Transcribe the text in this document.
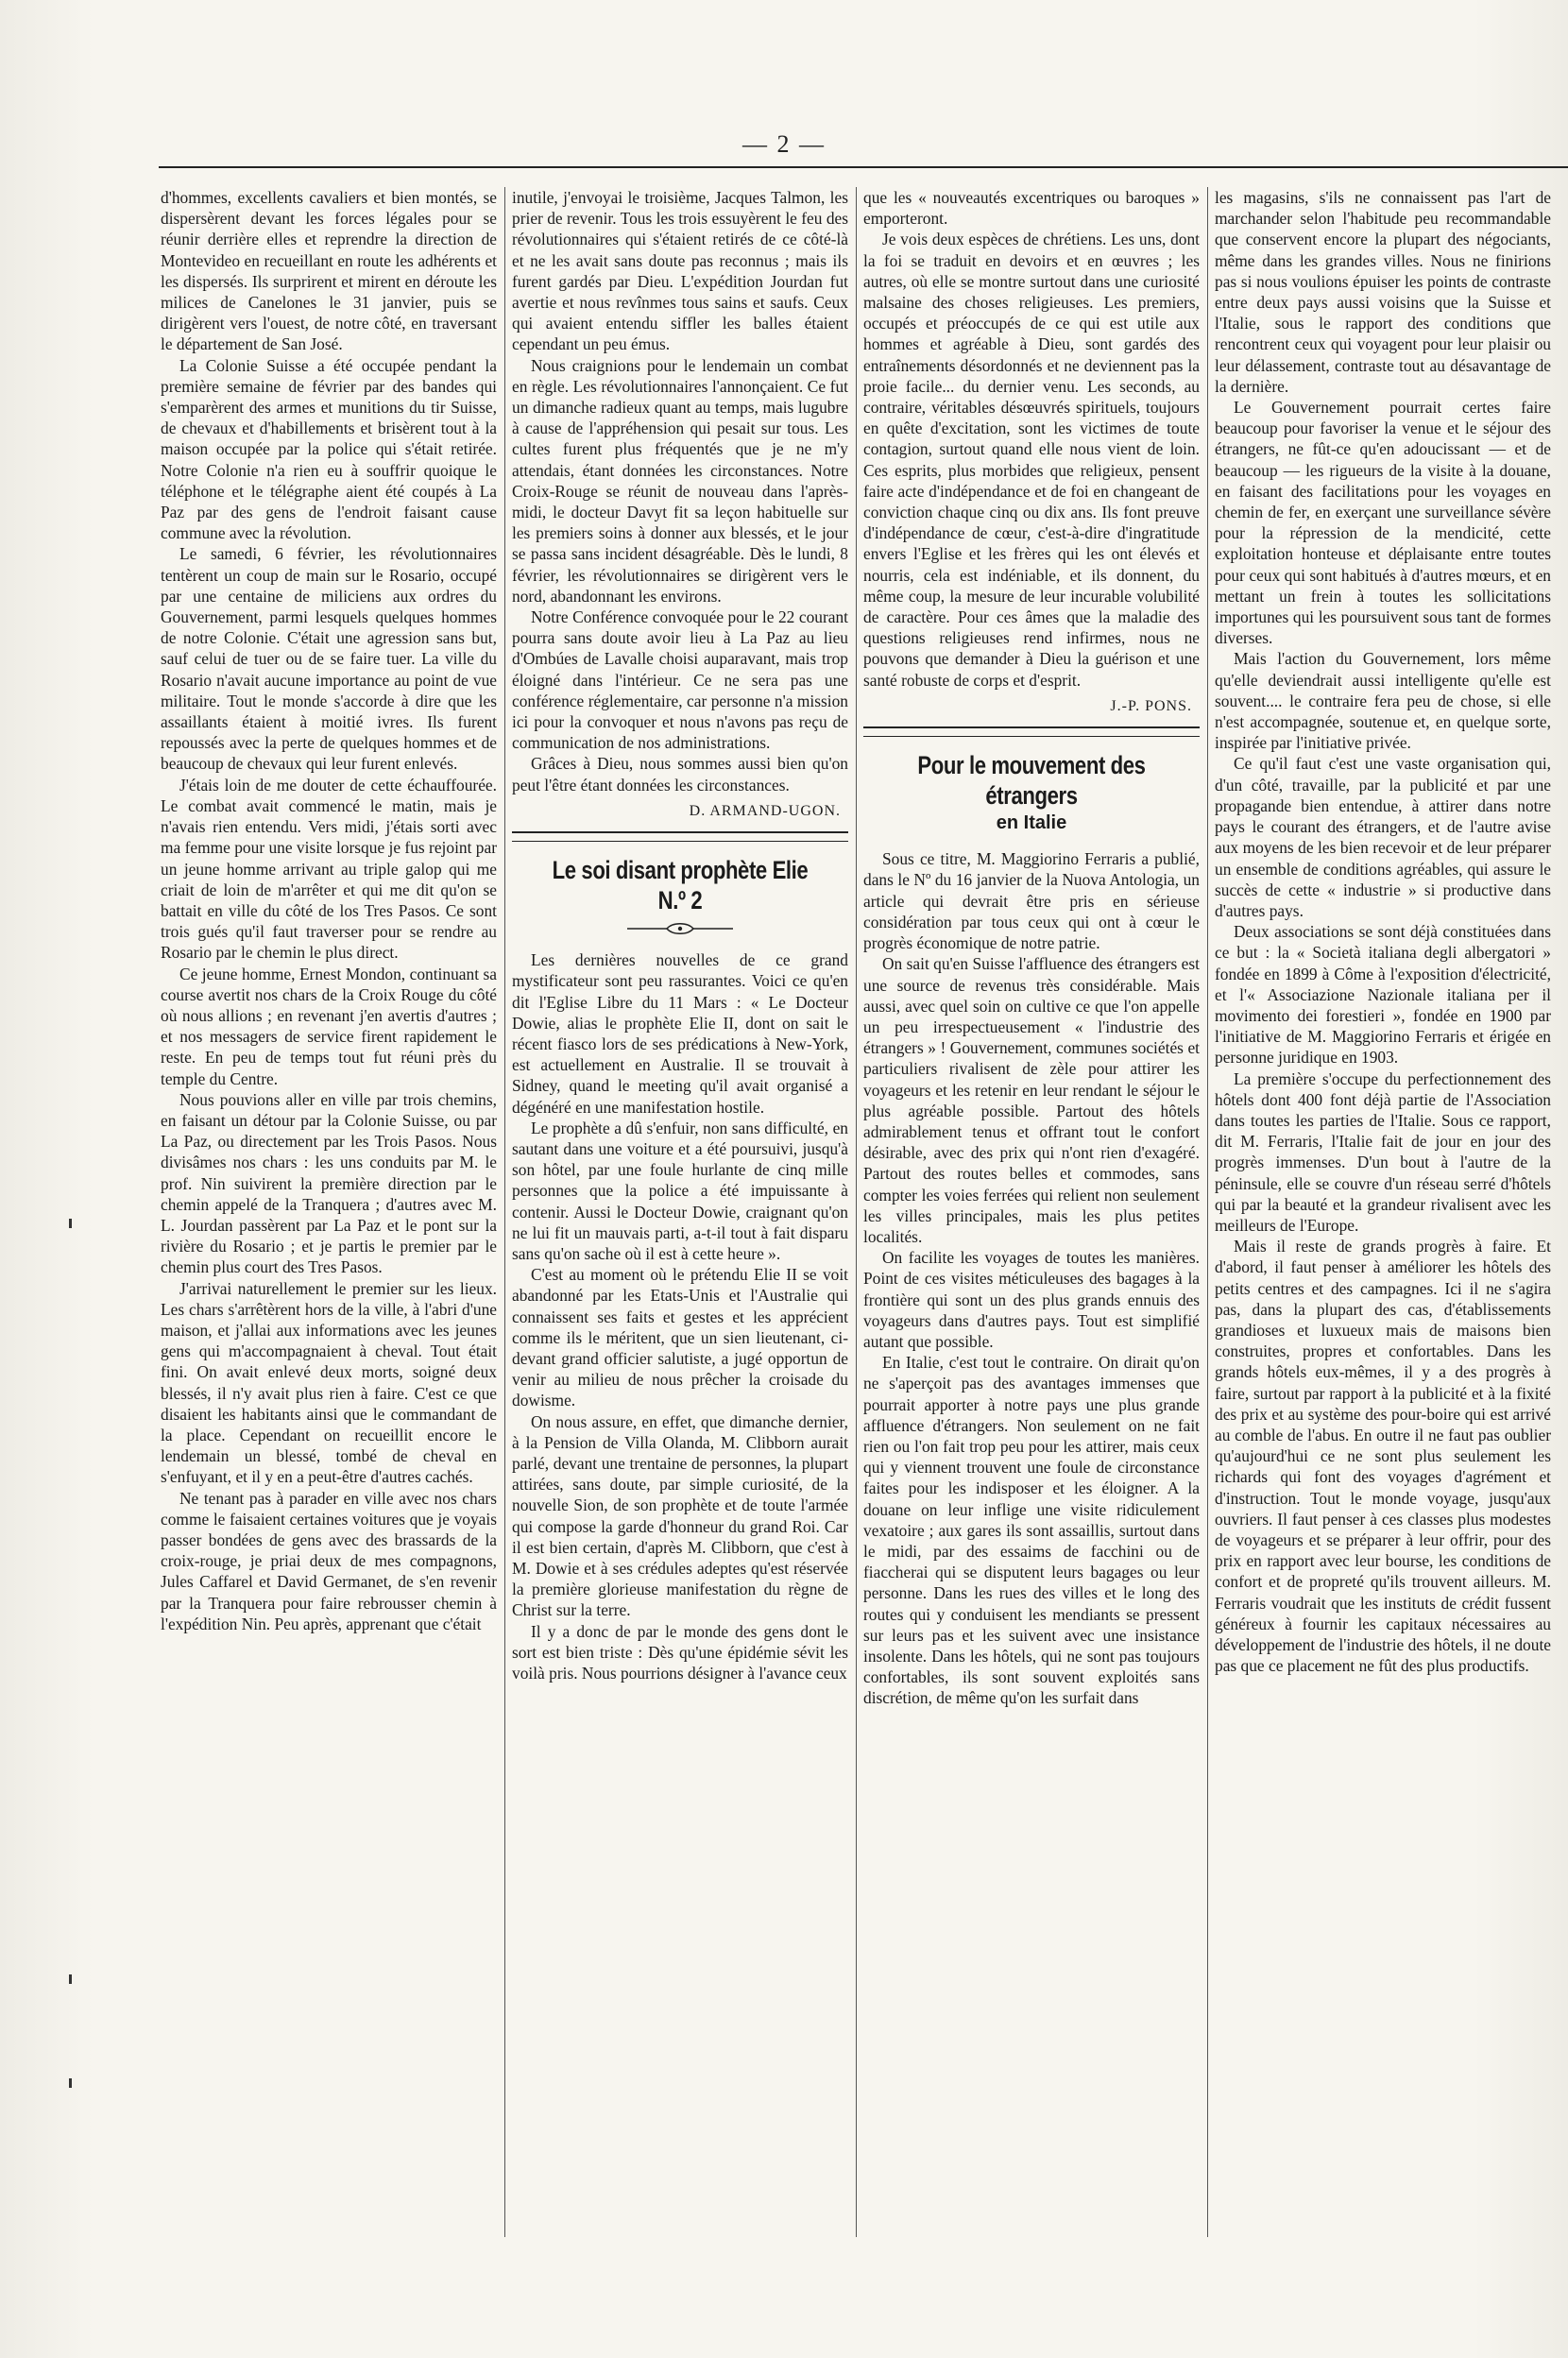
— 2 —

d'hommes, excellents cavaliers et bien montés, se dispersèrent devant les forces légales pour se réunir derrière elles et reprendre la direction de Montevideo en recueillant en route les adhérents et les dispersés. Ils surprirent et mirent en déroute les milices de Canelones le 31 janvier, puis se dirigèrent vers l'ouest, de notre côté, en traversant le département de San José.

La Colonie Suisse a été occupée pendant la première semaine de février par des bandes qui s'emparèrent des armes et munitions du tir Suisse, de chevaux et d'habillements et brisèrent tout à la maison occupée par la police qui s'était retirée. Notre Colonie n'a rien eu à souffrir quoique le téléphone et le télégraphe aient été coupés à La Paz par des gens de l'endroit faisant cause commune avec la révolution.

Le samedi, 6 février, les révolutionnaires tentèrent un coup de main sur le Rosario, occupé par une centaine de miliciens aux ordres du Gouvernement, parmi lesquels quelques hommes de notre Colonie. C'était une agression sans but, sauf celui de tuer ou de se faire tuer. La ville du Rosario n'avait aucune importance au point de vue militaire. Tout le monde s'accorde à dire que les assaillants étaient à moitié ivres. Ils furent repoussés avec la perte de quelques hommes et de beaucoup de chevaux qui leur furent enlevés.

J'étais loin de me douter de cette échauffourée. Le combat avait commencé le matin, mais je n'avais rien entendu. Vers midi, j'étais sorti avec ma femme pour une visite lorsque je fus rejoint par un jeune homme arrivant au triple galop qui me criait de loin de m'arrêter et qui me dit qu'on se battait en ville du côté de los Tres Pasos. Ce sont trois gués qu'il faut traverser pour se rendre au Rosario par le chemin le plus direct.

Ce jeune homme, Ernest Mondon, continuant sa course avertit nos chars de la Croix Rouge du côté où nous allions ; en revenant j'en avertis d'autres ; et nos messagers de service firent rapidement le reste. En peu de temps tout fut réuni près du temple du Centre.

Nous pouvions aller en ville par trois chemins, en faisant un détour par la Colonie Suisse, ou par La Paz, ou directement par les Trois Pasos. Nous divisâmes nos chars : les uns conduits par M. le prof. Nin suivirent la première direction par le chemin appelé de la Tranquera ; d'autres avec M. L. Jourdan passèrent par La Paz et le pont sur la rivière du Rosario ; et je partis le premier par le chemin plus court des Tres Pasos.

J'arrivai naturellement le premier sur les lieux. Les chars s'arrêtèrent hors de la ville, à l'abri d'une maison, et j'allai aux informations avec les jeunes gens qui m'accompagnaient à cheval. Tout était fini. On avait enlevé deux morts, soigné deux blessés, il n'y avait plus rien à faire. C'est ce que disaient les habitants ainsi que le commandant de la place. Cependant on recueillit encore le lendemain un blessé, tombé de cheval en s'enfuyant, et il y en a peut-être d'autres cachés.

Ne tenant pas à parader en ville avec nos chars comme le faisaient certaines voitures que je voyais passer bondées de gens avec des brassards de la croix-rouge, je priai deux de mes compagnons, Jules Caffarel et David Germanet, de s'en revenir par la Tranquera pour faire rebrousser chemin à l'expédition Nin. Peu après, apprenant que c'était

inutile, j'envoyai le troisième, Jacques Talmon, les prier de revenir. Tous les trois essuyèrent le feu des révolutionnaires qui s'étaient retirés de ce côté-là et ne les avait sans doute pas reconnus ; mais ils furent gardés par Dieu. L'expédition Jourdan fut avertie et nous revînmes tous sains et saufs. Ceux qui avaient entendu siffler les balles étaient cependant un peu émus.

Nous craignions pour le lendemain un combat en règle. Les révolutionnaires l'annonçaient. Ce fut un dimanche radieux quant au temps, mais lugubre à cause de l'appréhension qui pesait sur tous. Les cultes furent plus fréquentés que je ne m'y attendais, étant données les circonstances. Notre Croix-Rouge se réunit de nouveau dans l'après-midi, le docteur Davyt fit sa leçon habituelle sur les premiers soins à donner aux blessés, et le jour se passa sans incident désagréable. Dès le lundi, 8 février, les révolutionnaires se dirigèrent vers le nord, abandonnant les environs.

Notre Conférence convoquée pour le 22 courant pourra sans doute avoir lieu à La Paz au lieu d'Ombúes de Lavalle choisi auparavant, mais trop éloigné dans l'intérieur. Ce ne sera pas une conférence réglementaire, car personne n'a mission ici pour la convoquer et nous n'avons pas reçu de communication de nos administrations.

Grâces à Dieu, nous sommes aussi bien qu'on peut l'être étant données les circonstances.

D. ARMAND-UGON.
Le soi disant prophète Elie N.º 2

Les dernières nouvelles de ce grand mystificateur sont peu rassurantes. Voici ce qu'en dit l'Eglise Libre du 11 Mars : « Le Docteur Dowie, alias le prophète Elie II, dont on sait le récent fiasco lors de ses prédications à New-York, est actuellement en Australie. Il se trouvait à Sidney, quand le meeting qu'il avait organisé a dégénéré en une manifestation hostile.

Le prophète a dû s'enfuir, non sans difficulté, en sautant dans une voiture et a été poursuivi, jusqu'à son hôtel, par une foule hurlante de cinq mille personnes que la police a été impuissante à contenir. Aussi le Docteur Dowie, craignant qu'on ne lui fit un mauvais parti, a-t-il tout à fait disparu sans qu'on sache où il est à cette heure ».

C'est au moment où le prétendu Elie II se voit abandonné par les Etats-Unis et l'Australie qui connaissent ses faits et gestes et les apprécient comme ils le méritent, que un sien lieutenant, ci-devant grand officier salutiste, a jugé opportun de venir au milieu de nous prêcher la croisade du dowisme.

On nous assure, en effet, que dimanche dernier, à la Pension de Villa Olanda, M. Clibborn aurait parlé, devant une trentaine de personnes, la plupart attirées, sans doute, par simple curiosité, de la nouvelle Sion, de son prophète et de toute l'armée qui compose la garde d'honneur du grand Roi. Car il est bien certain, d'après M. Clibborn, que c'est à M. Dowie et à ses crédules adeptes qu'est réservée la première glorieuse manifestation du règne de Christ sur la terre.

Il y a donc de par le monde des gens dont le sort est bien triste : Dès qu'une épidémie sévit les voilà pris. Nous pourrions désigner à l'avance ceux

que les « nouveautés excentriques ou baroques » emporteront.

Je vois deux espèces de chrétiens. Les uns, dont la foi se traduit en devoirs et en œuvres ; les autres, où elle se montre surtout dans une curiosité malsaine des choses religieuses. Les premiers, occupés et préoccupés de ce qui est utile aux hommes et agréable à Dieu, sont gardés des entraînements désordonnés et ne deviennent pas la proie facile... du dernier venu. Les seconds, au contraire, véritables désœuvrés spirituels, toujours en quête d'excitation, sont les victimes de toute contagion, surtout quand elle nous vient de loin. Ces esprits, plus morbides que religieux, pensent faire acte d'indépendance et de foi en changeant de conviction chaque cinq ou dix ans. Ils font preuve d'indépendance de cœur, c'est-à-dire d'ingratitude envers l'Eglise et les frères qui les ont élevés et nourris, cela est indéniable, et ils donnent, du même coup, la mesure de leur incurable volubilité de caractère. Pour ces âmes que la maladie des questions religieuses rend infirmes, nous ne pouvons que demander à Dieu la guérison et une santé robuste de corps et d'esprit.

J.-P. PONS.
Pour le mouvement des étrangers
en Italie

Sous ce titre, M. Maggiorino Ferraris a publié, dans le Nº du 16 janvier de la Nuova Antologia, un article qui devrait être pris en sérieuse considération par tous ceux qui ont à cœur le progrès économique de notre patrie.

On sait qu'en Suisse l'affluence des étrangers est une source de revenus très considérable. Mais aussi, avec quel soin on cultive ce que l'on appelle un peu irrespectueusement « l'industrie des étrangers » ! Gouvernement, communes sociétés et particuliers rivalisent de zèle pour attirer les voyageurs et les retenir en leur rendant le séjour le plus agréable possible. Partout des hôtels admirablement tenus et offrant tout le confort désirable, avec des prix qui n'ont rien d'exagéré. Partout des routes belles et commodes, sans compter les voies ferrées qui relient non seulement les villes principales, mais les plus petites localités.

On facilite les voyages de toutes les manières. Point de ces visites méticuleuses des bagages à la frontière qui sont un des plus grands ennuis des voyageurs dans d'autres pays. Tout est simplifié autant que possible.

En Italie, c'est tout le contraire. On dirait qu'on ne s'aperçoit pas des avantages immenses que pourrait apporter à notre pays une plus grande affluence d'étrangers. Non seulement on ne fait rien ou l'on fait trop peu pour les attirer, mais ceux qui y viennent trouvent une foule de circonstance faites pour les indisposer et les éloigner. A la douane on leur inflige une visite ridiculement vexatoire ; aux gares ils sont assaillis, surtout dans le midi, par des essaims de facchini ou de fiaccherai qui se disputent leurs bagages ou leur personne. Dans les rues des villes et le long des routes qui y conduisent les mendiants se pressent sur leurs pas et les suivent avec une insistance insolente. Dans les hôtels, qui ne sont pas toujours confortables, ils sont souvent exploités sans discrétion, de même qu'on les surfait dans

les magasins, s'ils ne connaissent pas l'art de marchander selon l'habitude peu recommandable que conservent encore la plupart des négociants, même dans les grandes villes. Nous ne finirions pas si nous voulions épuiser les points de contraste entre deux pays aussi voisins que la Suisse et l'Italie, sous le rapport des conditions que rencontrent ceux qui voyagent pour leur plaisir ou leur délassement, contraste tout au désavantage de la dernière.

Le Gouvernement pourrait certes faire beaucoup pour favoriser la venue et le séjour des étrangers, ne fût-ce qu'en adoucissant — et de beaucoup — les rigueurs de la visite à la douane, en faisant des facilitations pour les voyages en chemin de fer, en exerçant une surveillance sévère pour la répression de la mendicité, cette exploitation honteuse et déplaisante entre toutes pour ceux qui sont habitués à d'autres mœurs, et en mettant un frein à toutes les sollicitations importunes qui les poursuivent sous tant de formes diverses.

Mais l'action du Gouvernement, lors même qu'elle deviendrait aussi intelligente qu'elle est souvent.... le contraire fera peu de chose, si elle n'est accompagnée, soutenue et, en quelque sorte, inspirée par l'initiative privée.

Ce qu'il faut c'est une vaste organisation qui, d'un côté, travaille, par la publicité et par une propagande bien entendue, à attirer dans notre pays le courant des étrangers, et de l'autre avise aux moyens de les bien recevoir et de leur préparer un ensemble de conditions agréables, qui assure le succès de cette « industrie » si productive dans d'autres pays.

Deux associations se sont déjà constituées dans ce but : la « Società italiana degli albergatori » fondée en 1899 à Côme à l'exposition d'électricité, et l'« Associazione Nazionale italiana per il movimento dei forestieri », fondée en 1900 par l'initiative de M. Maggiorino Ferraris et érigée en personne juridique en 1903.

La première s'occupe du perfectionnement des hôtels dont 400 font déjà partie de l'Association dans toutes les parties de l'Italie. Sous ce rapport, dit M. Ferraris, l'Italie fait de jour en jour des progrès immenses. D'un bout à l'autre de la péninsule, elle se couvre d'un réseau serré d'hôtels qui par la beauté et la grandeur rivalisent avec les meilleurs de l'Europe.

Mais il reste de grands progrès à faire. Et d'abord, il faut penser à améliorer les hôtels des petits centres et des campagnes. Ici il ne s'agira pas, dans la plupart des cas, d'établissements grandioses et luxueux mais de maisons bien construites, propres et confortables. Dans les grands hôtels eux-mêmes, il y a des progrès à faire, surtout par rapport à la publicité et à la fixité des prix et au système des pour-boire qui est arrivé au comble de l'abus. En outre il ne faut pas oublier qu'aujourd'hui ce ne sont plus seulement les richards qui font des voyages d'agrément et d'instruction. Tout le monde voyage, jusqu'aux ouvriers. Il faut penser à ces classes plus modestes de voyageurs et se préparer à leur offrir, pour des prix en rapport avec leur bourse, les conditions de confort et de propreté qu'ils trouvent ailleurs. M. Ferraris voudrait que les instituts de crédit fussent généreux à fournir les capitaux nécessaires au développement de l'industrie des hôtels, il ne doute pas que ce placement ne fût des plus productifs.
